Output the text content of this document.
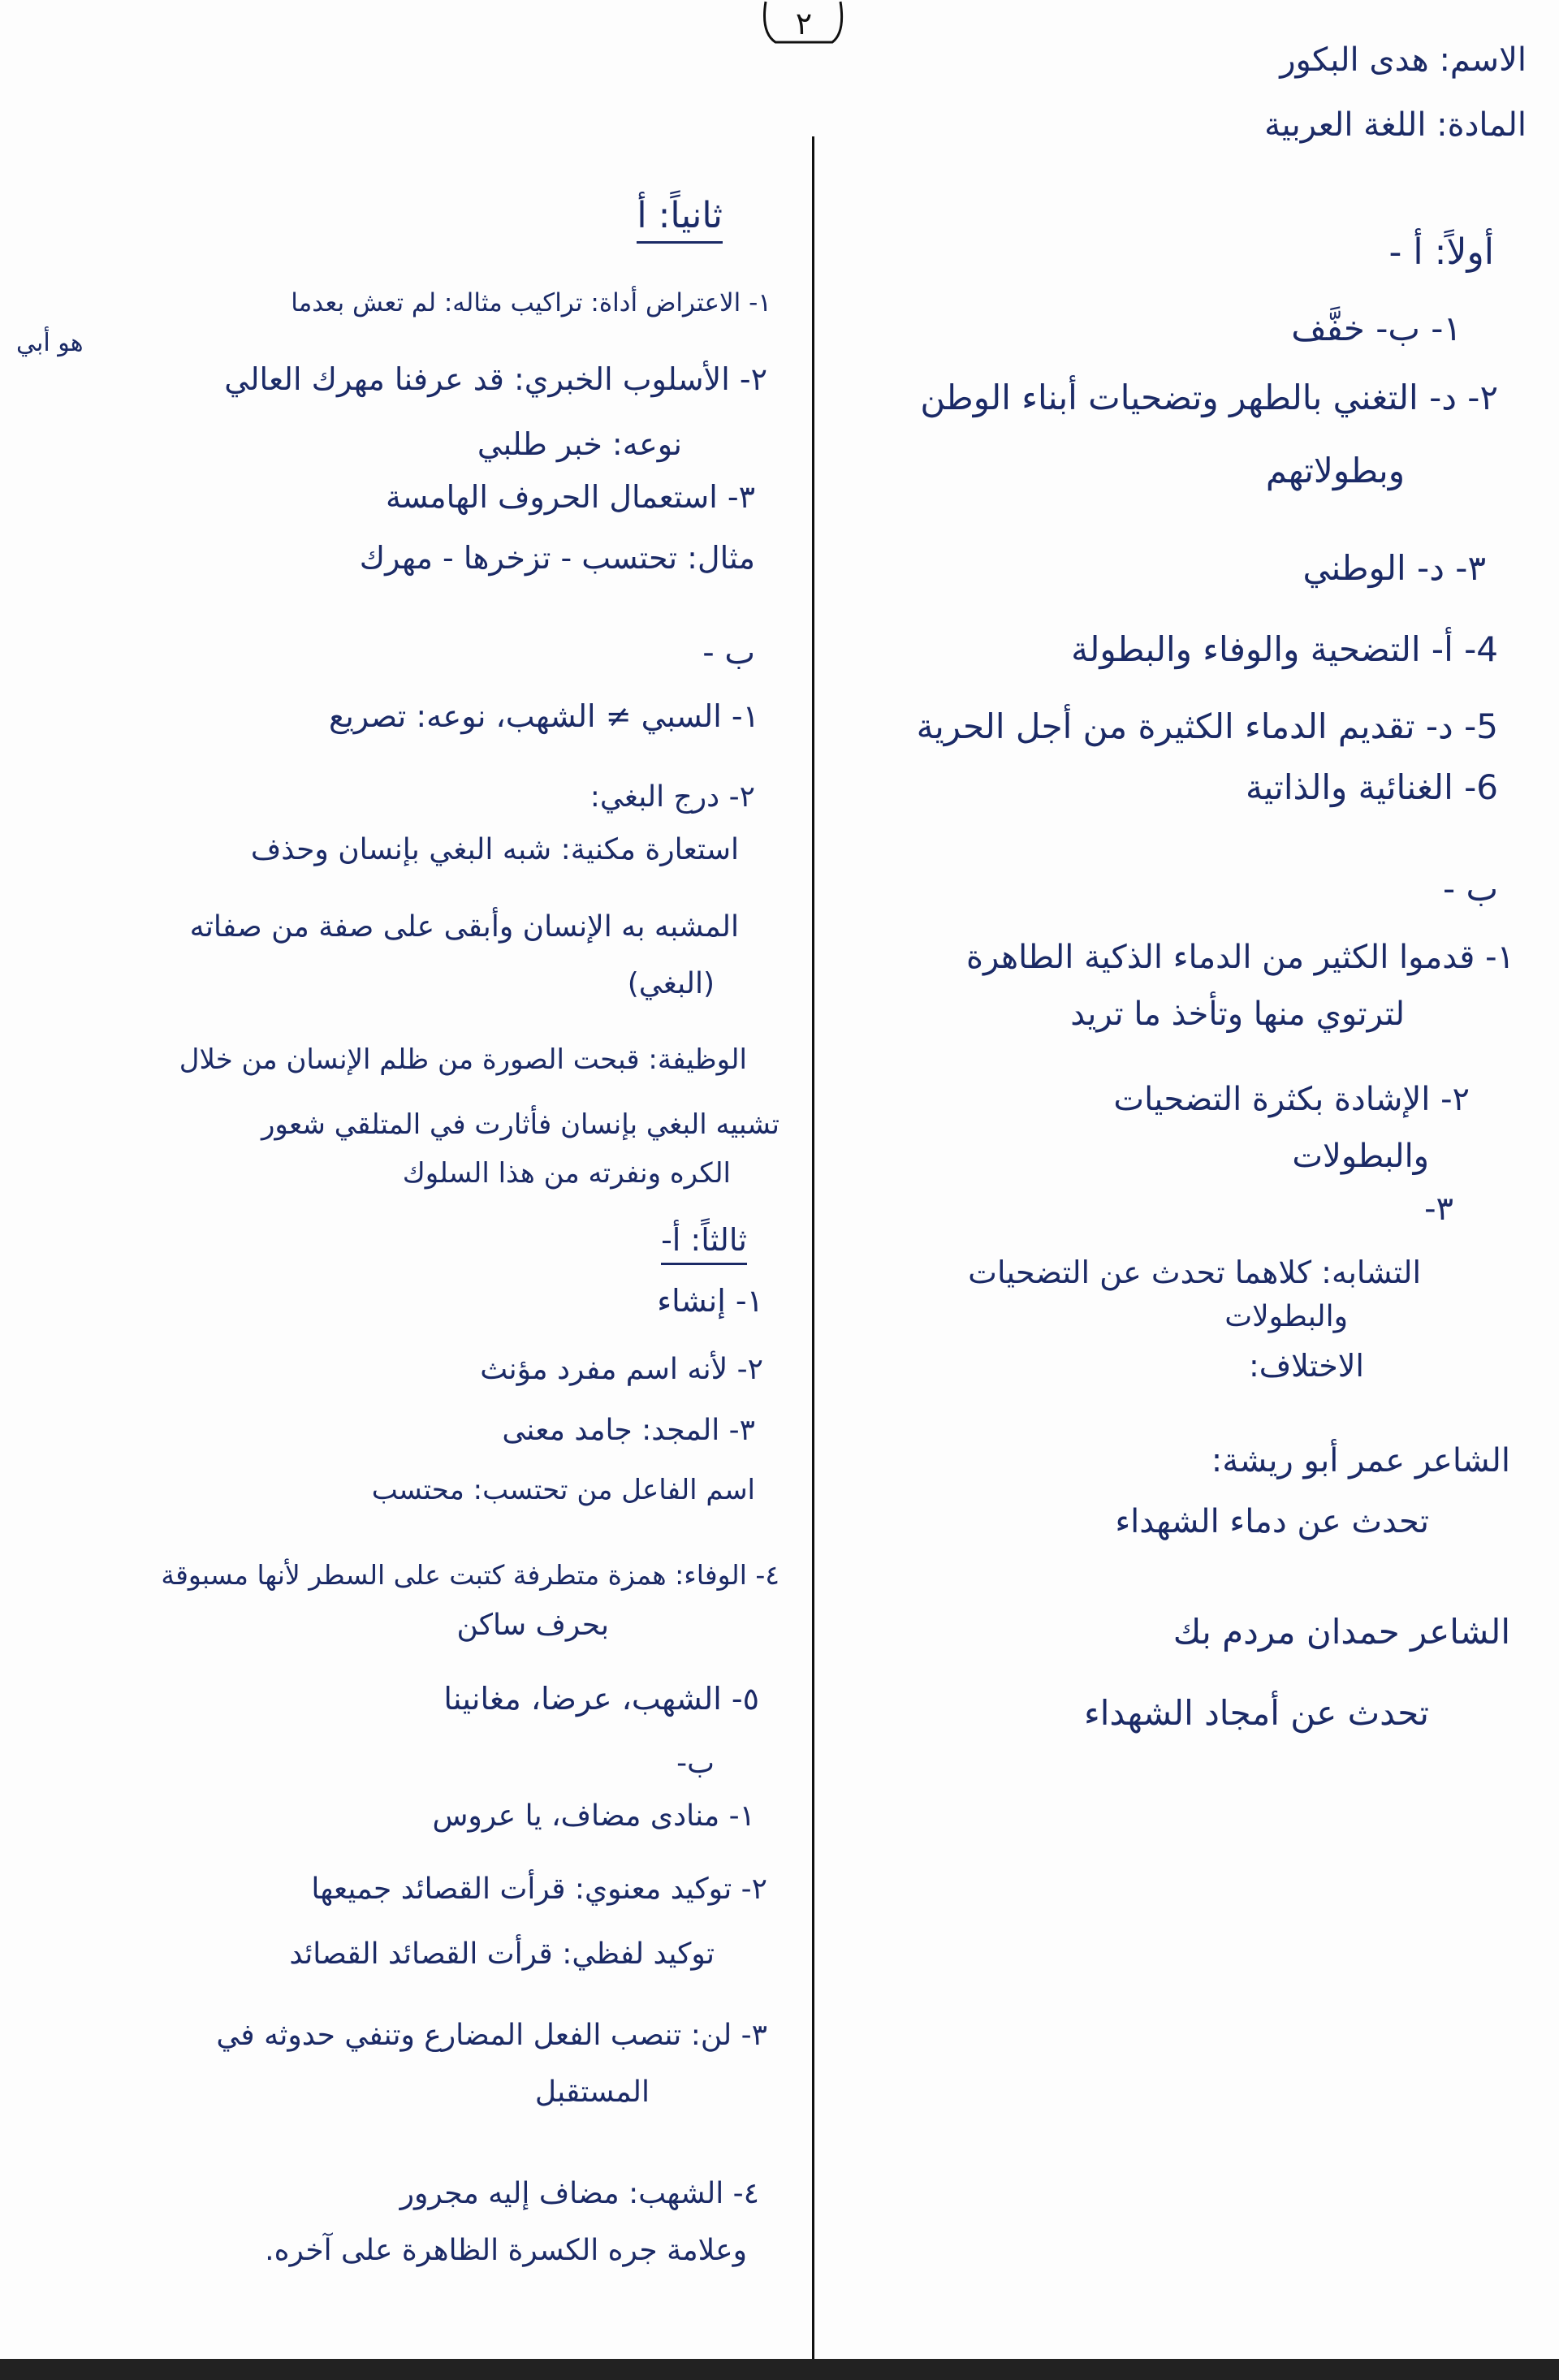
٢
الاسم: هدى البكور
المادة: اللغة العربية
أولاً: أ -
١- ب- خفَّف
٢- د- التغني بالطهر وتضحيات أبناء الوطن
وبطولاتهم
٣- د- الوطني
4- أ- التضحية والوفاء والبطولة
5- د- تقديم الدماء الكثيرة من أجل الحرية
6- الغنائية والذاتية
ب -
١- قدموا الكثير من الدماء الذكية الطاهرة
لترتوي منها وتأخذ ما تريد
٢- الإشادة بكثرة التضحيات
والبطولات
٣-
التشابه: كلاهما تحدث عن التضحيات
والبطولات
الاختلاف:
الشاعر عمر أبو ريشة:
تحدث عن دماء الشهداء
الشاعر حمدان مردم بك
تحدث عن أمجاد الشهداء
ثانياً: أ
١- الاعتراض أداة: تراكيب مثاله: لم تعش بعدما
هو أبي
٢- الأسلوب الخبري: قد عرفنا مهرك العالي
نوعه: خبر طلبي
٣- استعمال الحروف الهامسة
مثال: تحتسب - تزخرها - مهرك
ب -
١- السبي ≠ الشهب، نوعه: تصريع
٢- درج البغي:
استعارة مكنية: شبه البغي بإنسان وحذف
المشبه به الإنسان وأبقى على صفة من صفاته
(البغي)
الوظيفة: قبحت الصورة من ظلم الإنسان من خلال
تشبيه البغي بإنسان فأثارت في المتلقي شعور
الكره ونفرته من هذا السلوك
ثالثاً: أ-
١- إنشاء
٢- لأنه اسم مفرد مؤنث
٣- المجد: جامد معنى
اسم الفاعل من تحتسب: محتسب
٤- الوفاء: همزة متطرفة كتبت على السطر لأنها مسبوقة
بحرف ساكن
٥- الشهب، عرضا، مغانينا
ب-
١- منادى مضاف، يا عروس
٢- توكيد معنوي: قرأت القصائد جميعها
توكيد لفظي: قرأت القصائد القصائد
٣- لن: تنصب الفعل المضارع وتنفي حدوثه في
المستقبل
٤- الشهب: مضاف إليه مجرور
وعلامة جره الكسرة الظاهرة على آخره.
